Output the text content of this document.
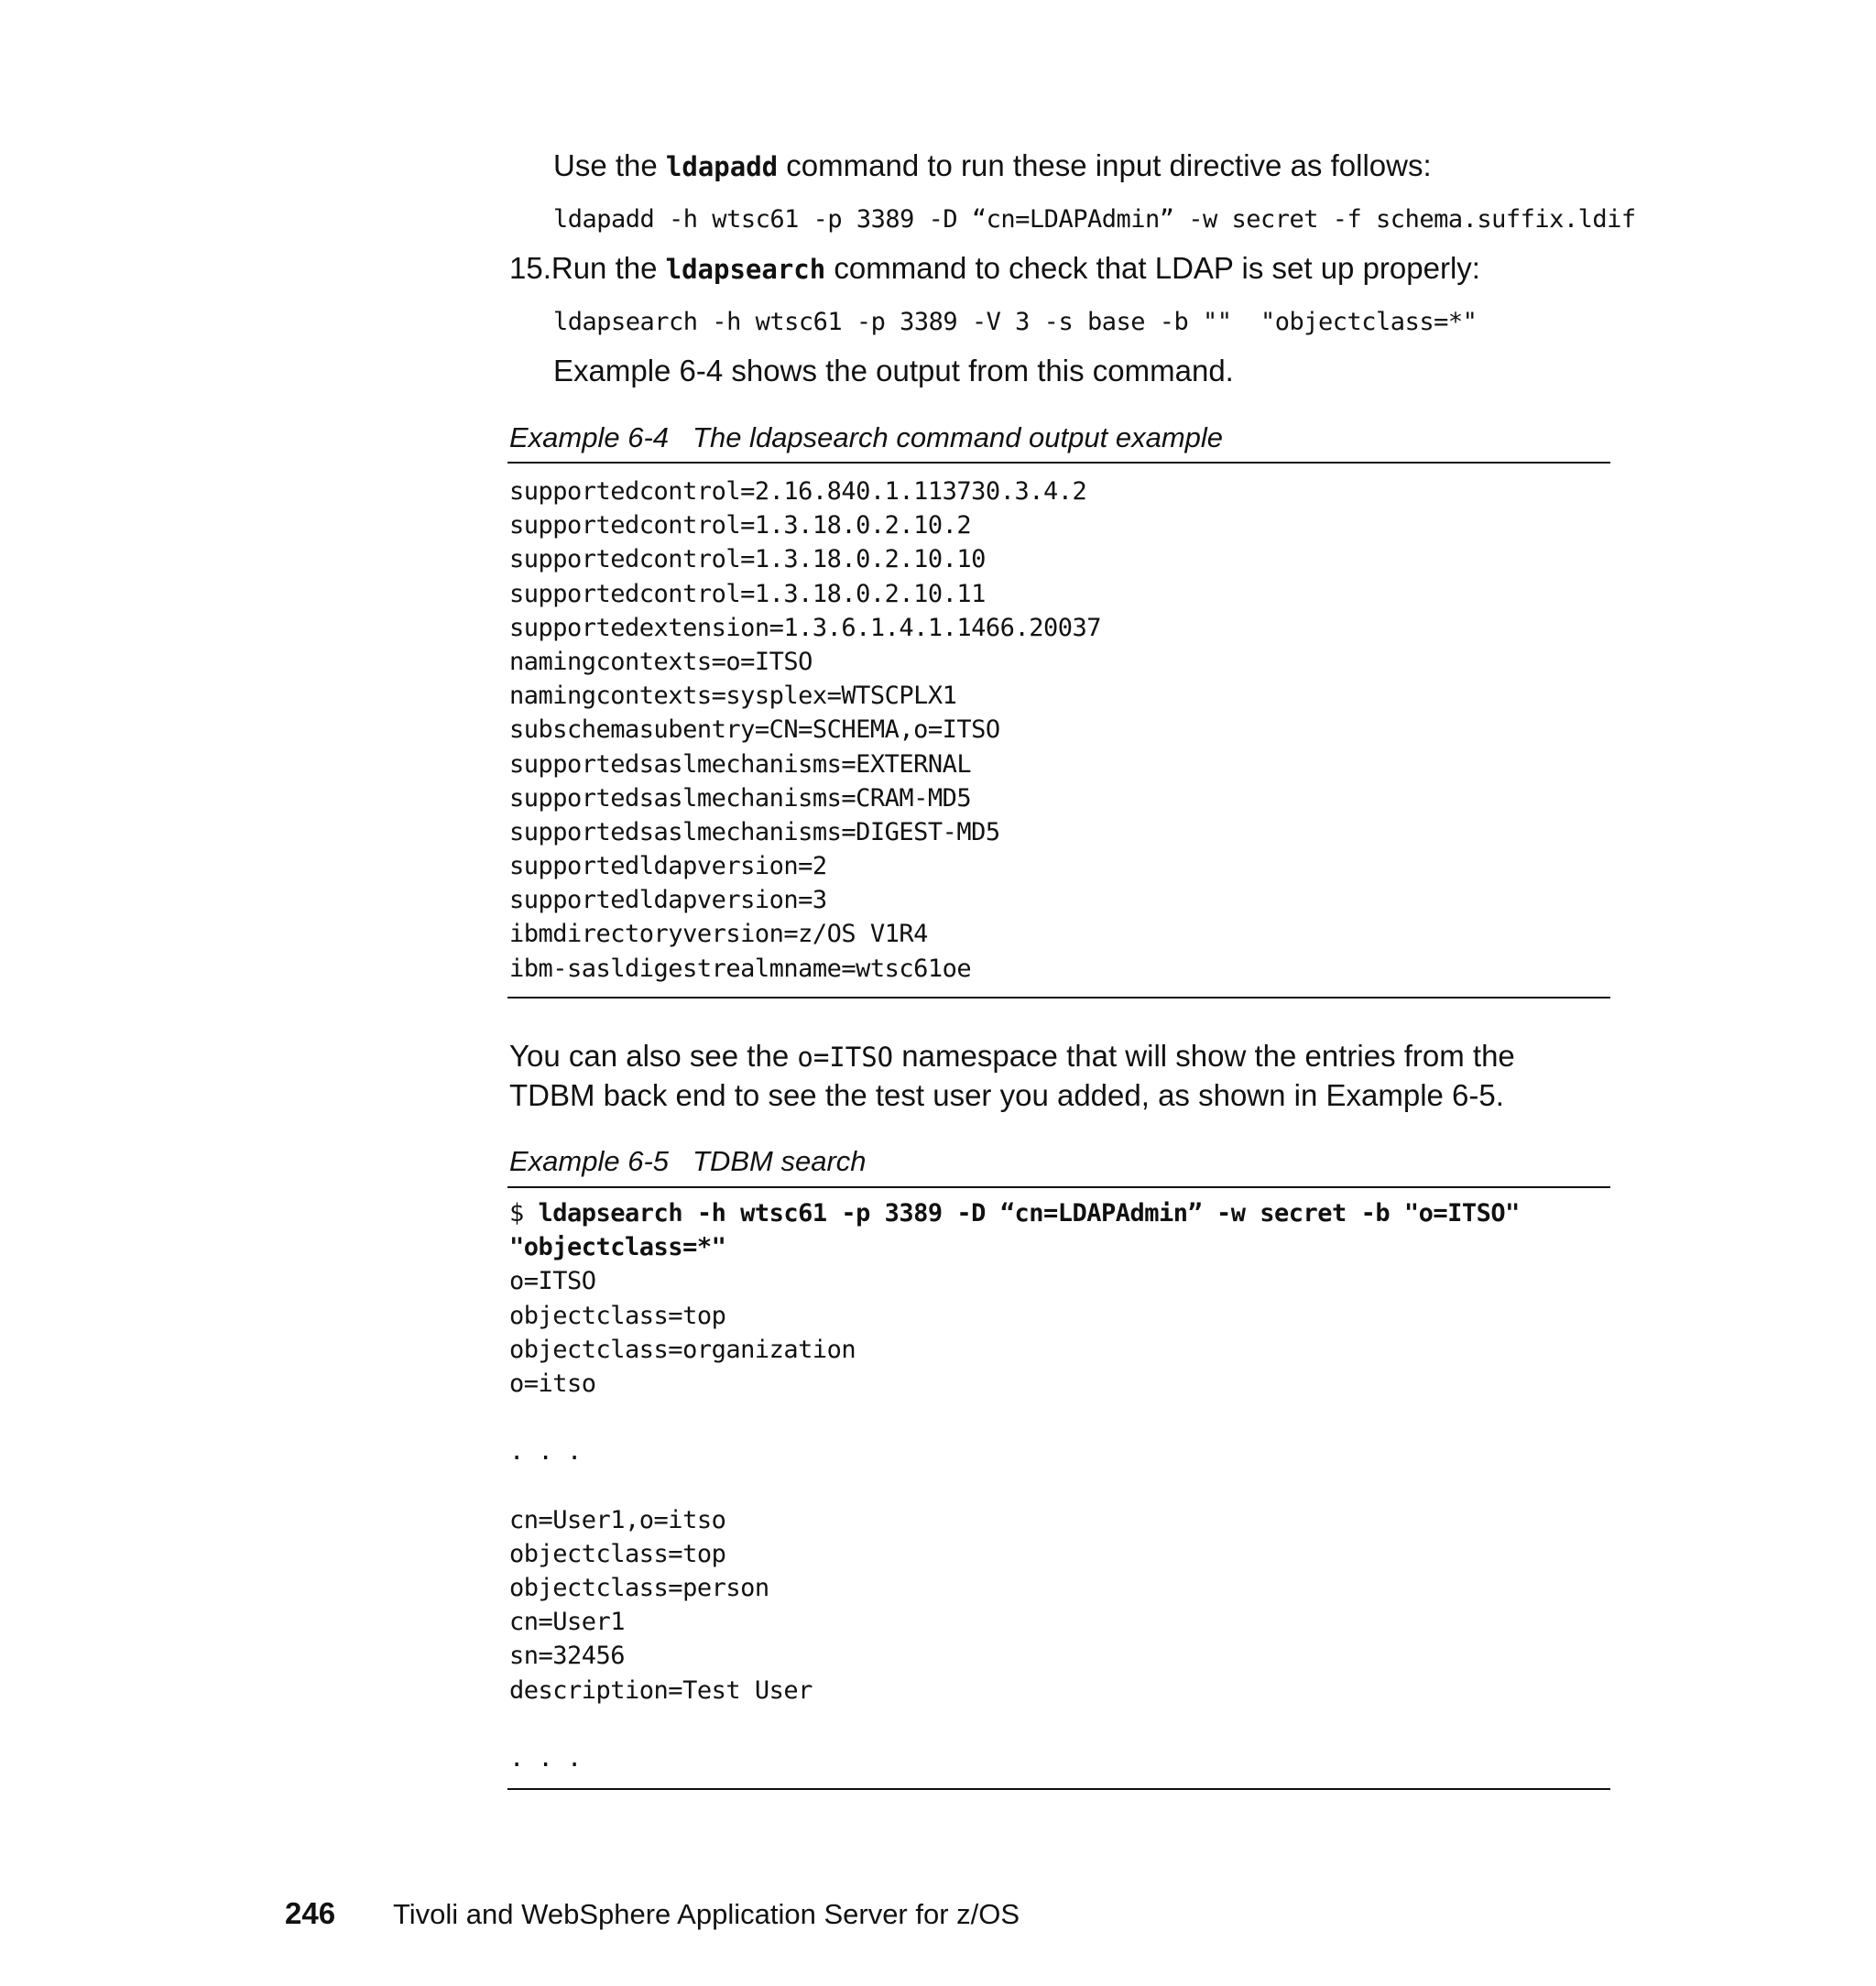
Use the ldapadd command to run these input directive as follows:
ldapadd -h wtsc61 -p 3389 -D “cn=LDAPAdmin” -w secret -f schema.suffix.ldif
15.Run the ldapsearch command to check that LDAP is set up properly:
ldapsearch -h wtsc61 -p 3389 -V 3 -s base -b ""  "objectclass=*"
Example 6-4 shows the output from this command.
Example 6-4 The ldapsearch command output example
supportedcontrol=2.16.840.1.113730.3.4.2
supportedcontrol=1.3.18.0.2.10.2
supportedcontrol=1.3.18.0.2.10.10
supportedcontrol=1.3.18.0.2.10.11
supportedextension=1.3.6.1.4.1.1466.20037
namingcontexts=o=ITSO
namingcontexts=sysplex=WTSCPLX1
subschemasubentry=CN=SCHEMA,o=ITSO
supportedsaslmechanisms=EXTERNAL
supportedsaslmechanisms=CRAM-MD5
supportedsaslmechanisms=DIGEST-MD5
supportedldapversion=2
supportedldapversion=3
ibmdirectoryversion=z/OS V1R4
ibm-sasldigestrealmname=wtsc61oe
You can also see the o=ITSO namespace that will show the entries from the
TDBM back end to see the test user you added, as shown in Example 6-5.
Example 6-5 TDBM search
$ ldapsearch -h wtsc61 -p 3389 -D “cn=LDAPAdmin” -w secret -b "o=ITSO"
"objectclass=*"
o=ITSO
objectclass=top
objectclass=organization
o=itso
. . .
cn=User1,o=itso
objectclass=top
objectclass=person
cn=User1
sn=32456
description=Test User
. . .
246 Tivoli and WebSphere Application Server for z/OS
